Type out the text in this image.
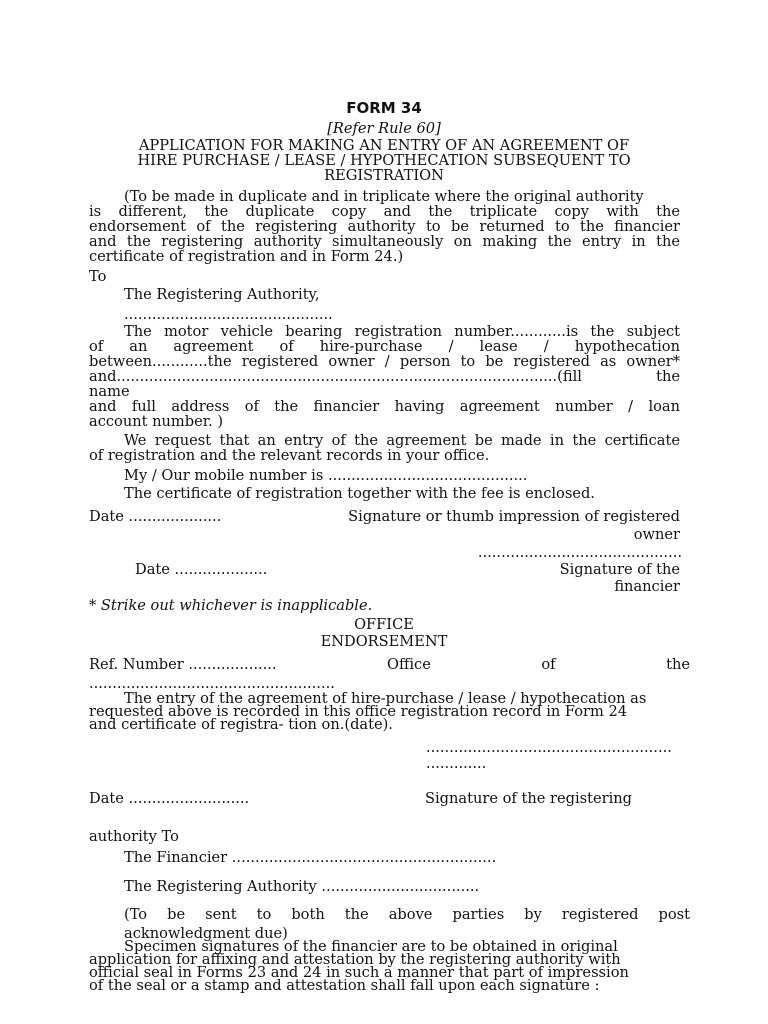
FORM 34
[Refer Rule 60]
APPLICATION FOR MAKING AN ENTRY OF AN AGREEMENT OF
HIRE PURCHASE / LEASE / HYPOTHECATION SUBSEQUENT TO
REGISTRATION
(To be made in duplicate and in triplicate where the original authority
is different, the duplicate copy and the triplicate copy with the
endorsement of the registering authority to be returned to the financier
and the registering authority simultaneously on making the entry in the
certificate of registration and in Form 24.)
To
The Registering Authority,
.............................................
The motor vehicle bearing registration number............is the subject
of an agreement of hire-purchase / lease / hypothecation
between............the registered owner / person to be registered as owner*
and...............................................................................................(fill the
name
and full address of the financier having agreement number / loan
account number. )
We request that an entry of the agreement be made in the certificate
of registration and the relevant records in your office.
My / Our mobile number is ...........................................
The certificate of registration together with the fee is enclosed.
Date ....................	Signature or thumb impression of registered
owner
............................................
Date ....................	Signature of the
financier
* Strike out whichever is inapplicable.
OFFICE
ENDORSEMENT
Ref. Number ...................	Office	of	the
.....................................................
The entry of the agreement of hire-purchase / lease / hypothecation as
requested above is recorded in this office registration record in Form 24
and certificate of registra- tion on.(date).
.....................................................
.............
Date ..........................	Signature of the registering
authority To
The Financier .........................................................
The Registering Authority ..................................
(To be sent to both the above parties by registered post
acknowledgment due)
Specimen signatures of the financier are to be obtained in original
application for affixing and attestation by the registering authority with
official seal in Forms 23 and 24 in such a manner that part of impression
of the seal or a stamp and attestation shall fall upon each signature :
